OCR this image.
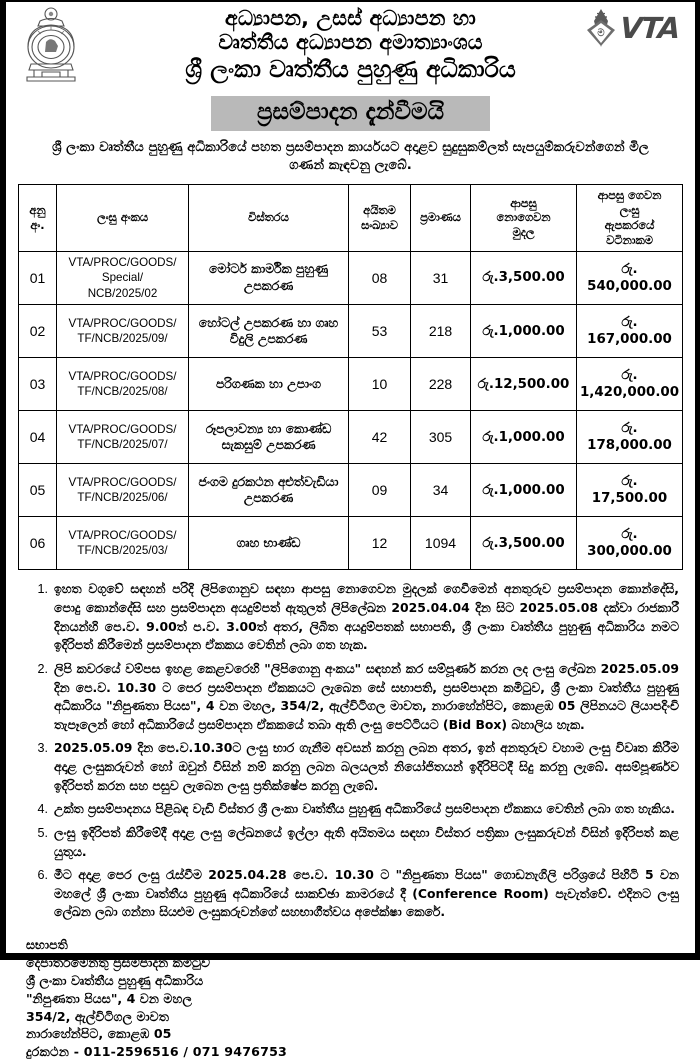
ම VTA
අධ්‍යාපන, උසස් අධ්‍යාපන හා
වෘත්තීය අධ්‍යාපන අමාත්‍යාංශය
ශ්‍රී ලංකා වෘත්තීය පුහුණු අධිකාරිය
ප්‍රසම්පාදන දැන්වීමයි
ශ්‍රී ලංකා වෘත්තීය පුහුණු අධිකාරියේ පහත ප්‍රසම්පාදන කාර්යයට අදාළව සුදුසුකම්ලත් සැපයුම්කරුවන්ගෙන් මිල ගණන් කැඳවනු ලැබේ.
අනු
අං.	ලංසු අංකය	විස්තරය	අයිතම
සංඛ්‍යාව	ප්‍රමාණය	ආපසු
නොගෙවන
මුදල	ආපසු ගෙවන
ලංසු
ඇපකරයේ
වටිනාකම
01	VTA/PROC/GOODS/
Special/
NCB/2025/02	මෝටර් කාර්මික පුහුණු උපකරණ	08	31	රු.3,500.00	රු.
540,000.00
02	VTA/PROC/GOODS/
TF/NCB/2025/09/	හෝටල් උපකරණ හා ගෘහ විදුලි උපකරණ	53	218	රු.1,000.00	රු.
167,000.00
03	VTA/PROC/GOODS/
TF/NCB/2025/08/	පරිගණක හා උපාංග	10	228	රු.12,500.00	රු.
1,420,000.00
04	VTA/PROC/GOODS/
TF/NCB/2025/07/	රූපලාවන්‍ය හා කොණ්ඩ සැකසුම් උපකරණ	42	305	රු.1,000.00	රු.
178,000.00
05	VTA/PROC/GOODS/
TF/NCB/2025/06/	ජංගම දුරකථන අළුත්වැඩියා උපකරණ	09	34	රු.1,000.00	රු.
17,500.00
06	VTA/PROC/GOODS/
TF/NCB/2025/03/	ගෘහ භාණ්ඩ	12	1094	රු.3,500.00	රු.
300,000.00
1. ඉහත වගුවේ සඳහන් පරිදි ලිපිගොනුව සඳහා ආපසු නොගෙවන මුදලක් ගෙවීමෙන් අනතුරුව ප්‍රසම්පාදන කොන්දේසි, පොදු කොන්දේසි සහ ප්‍රසම්පාදන අයදුම්පත් ඇතුලත් ලිපිලේඛන 2025.04.04 දින සිට 2025.05.08 දක්වා රාජකාරී දිනයන්හි පෙ.ව. 9.00ත් ප.ව. 3.00ත් අතර, ලිබිත අයදුම්පතක් සභාපති, ශ්‍රී ලංකා වෘත්තීය පුහුණු අධිකාරිය නමට ඉදිරිපත් කිරීමෙන් ප්‍රසම්පාදන ඒකකය වෙතින් ලබා ගත හැක.
2. ලිපි කවරයේ වම්පස ඉහළ කෙළවරෙහි "ලිපිගොනු අංකය" සඳහන් කර සම්පූර්ණ කරන ලද ලංසු ලේඛන 2025.05.09 දින පෙ.ව. 10.30 ට පෙර ප්‍රසම්පාදන ඒකකයට ලැබෙන සේ සභාපති, ප්‍රසම්පාදන කමිටුව, ශ්‍රී ලංකා වෘත්තීය පුහුණු අධිකාරිය "නිපුණතා පියස", 4 වන මහල, 354/2, ඇල්විටිගල මාවත, නාරාහේන්පිට, කොළඹ 05 ලිපිනයට ලියාපදිංචි තැපෑලෙන් හෝ අධිකාරියේ ප්‍රසම්පාදන ඒකකයේ තබා ඇති ලංසු පෙට්ටියට (Bid Box) බහාලිය හැක.
3. 2025.05.09 දින පෙ.ව.10.30ට ලංසු භාර ගැනීම අවසන් කරනු ලබන අතර, ඉන් අනතුරුව වහාම ලංසු විවෘත කිරීම අදාළ ලංසුකරුවන් හෝ ඔවුන් විසින් නම් කරනු ලබන බලයලත් නියෝජිතයන් ඉදිරිපිටදී සිදු කරනු ලැබේ. අසම්පූර්ණව ඉදිරිපත් කරන සහ පසුව ලැබෙන ලංසු ප්‍රතික්ෂේප කරනු ලැබේ.
4. උක්ත ප්‍රසම්පාදනය පිළිබඳ වැඩි විස්තර ශ්‍රී ලංකා වෘත්තීය පුහුණු අධිකාරියේ ප්‍රසම්පාදන ඒකකය වෙතින් ලබා ගත හැකිය.
5. ලංසු ඉදිරිපත් කිරීමේදී අදාළ ලංසු ලේඛනයේ ඉල්ලා ඇති අයිතමය සඳහා විස්තර පත්‍රිකා ලංසුකරුවන් විසින් ඉදිරිපත් කළ යුතුය.
6. මීට අදාළ පෙර ලංසු රැස්වීම 2025.04.28 පෙ.ව. 10.30 ට "නිපුණතා පියස" ගොඩනැගිලි පරිශ්‍රයේ පිහිටි 5 වන මහලේ ශ්‍රී ලංකා වෘත්තීය පුහුණු අධිකාරියේ සාකච්ඡා කාමරයේ දී (Conference Room) පැවැත්වේ. එදිනට ලංසු ලේඛන ලබා ගන්නා සියළුම ලංසුකරුවන්ගේ සහභාගීත්වය අපේක්ෂා කෙරේ.
සභාපති
දෙපාර්තමේන්තු ප්‍රසම්පාදන කමිටුව
ශ්‍රී ලංකා වෘත්තීය පුහුණු අධිකාරිය
"නිපුණතා පියස", 4 වන මහල
354/2, ඇල්විටිගල මාවත
නාරාහේන්පිට, කොළඹ 05
දුරකථන - 011-2596516 / 071 9476753
